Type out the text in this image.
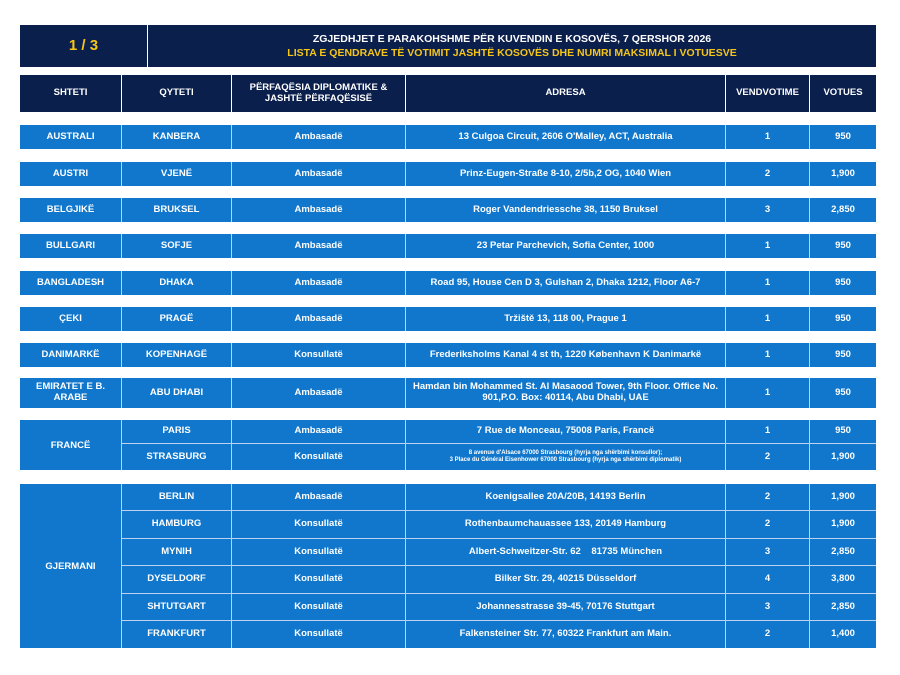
1 / 3	ZGJEDHJET E PARAKOHSHME PËR KUVENDIN E KOSOVËS, 7 QERSHOR 2026
LISTA E QENDRAVE TË VOTIMIT JASHTË KOSOVËS DHE NUMRI MAKSIMAL I VOTUESVE
SHTETI	QYTETI	PËRFAQËSIA DIPLOMATIKE & JASHTË PËRFAQËSISË	ADRESA	VENDVOTIME	VOTUES
AUSTRALI	KANBERA	Ambasadë	13 Culgoa Circuit, 2606 O'Malley, ACT, Australia	1	950
AUSTRI	VJENË	Ambasadë	Prinz-Eugen-Straße 8-10, 2/5b,2 OG, 1040 Wien	2	1,900
BELGJIKË	BRUKSEL	Ambasadë	Roger Vandendriessche 38, 1150 Bruksel	3	2,850
BULLGARI	SOFJE	Ambasadë	23 Petar Parchevich, Sofia Center, 1000	1	950
BANGLADESH	DHAKA	Ambasadë	Road 95, House Cen D 3, Gulshan 2, Dhaka 1212, Floor A6-7	1	950
ÇEKI	PRAGË	Ambasadë	Tržiště 13, 118 00, Prague 1	1	950
DANIMARKË	KOPENHAGË	Konsullatë	Frederiksholms Kanal 4 st th, 1220 København K Danimarkë	1	950
EMIRATET E B. ARABE	ABU DHABI	Ambasadë	Hamdan bin Mohammed St. Al Masaood Tower, 9th Floor. Office No. 901,P.O. Box: 40114, Abu Dhabi, UAE	1	950
FRANCË
PARIS	Ambasadë	7 Rue de Monceau, 75008 Paris, Francë	1	950
STRASBURG	Konsullatë	8 avenue d'Alsace 67000 Strasbourg (hyrja nga shërbimi konsullor);
3 Place du Général Eisenhower 67000 Strasbourg (hyrja nga shërbimi diplomatik)	2	1,900
GJERMANI
BERLIN	Ambasadë	Koenigsallee 20A/20B, 14193 Berlin	2	1,900
HAMBURG	Konsullatë	Rothenbaumchauassee 133, 20149 Hamburg	2	1,900
MYNIH	Konsullatë	Albert-Schweitzer-Str. 62    81735 München	3	2,850
DYSELDORF	Konsullatë	Bilker Str. 29, 40215 Düsseldorf	4	3,800
SHTUTGART	Konsullatë	Johannesstrasse 39-45, 70176 Stuttgart	3	2,850
FRANKFURT	Konsullatë	Falkensteiner Str. 77, 60322 Frankfurt am Main.	2	1,400
